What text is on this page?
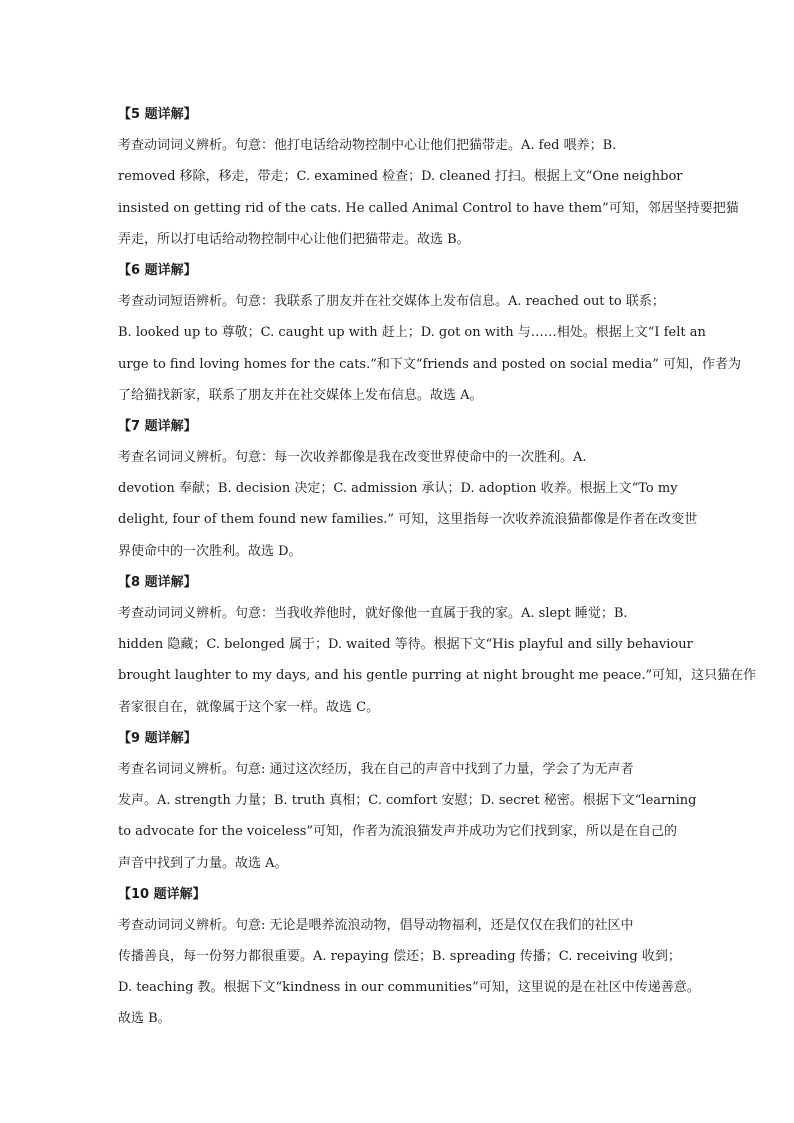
【5 题详解】
考查动词词义辨析。句意：他打电话给动物控制中心让他们把猫带走。A. fed 喂养；B.
removed 移除，移走，带走；C. examined 检查；D. cleaned 打扫。根据上文“One neighbor
insisted on getting rid of the cats. He called Animal Control to have them”可知，邻居坚持要把猫
弄走，所以打电话给动物控制中心让他们把猫带走。故选 B。
【6 题详解】
考查动词短语辨析。句意：我联系了朋友并在社交媒体上发布信息。A. reached out to 联系；
B. looked up to 尊敬；C. caught up with 赶上；D. got on with 与……相处。根据上文“I felt an
urge to find loving homes for the cats.”和下文“friends and posted on social media” 可知，作者为
了给猫找新家，联系了朋友并在社交媒体上发布信息。故选 A。
【7 题详解】
考查名词词义辨析。句意：每一次收养都像是我在改变世界使命中的一次胜利。A.
devotion 奉献；B. decision 决定；C. admission 承认；D. adoption 收养。根据上文“To my
delight, four of them found new families.” 可知，这里指每一次收养流浪猫都像是作者在改变世
界使命中的一次胜利。故选 D。
【8 题详解】
考查动词词义辨析。句意：当我收养他时，就好像他一直属于我的家。A. slept 睡觉；B.
hidden 隐藏；C. belonged 属于；D. waited 等待。根据下文“His playful and silly behaviour
brought laughter to my days, and his gentle purring at night brought me peace.”可知，这只猫在作
者家很自在，就像属于这个家一样。故选 C。
【9 题详解】
考查名词词义辨析。句意: 通过这次经历，我在自己的声音中找到了力量，学会了为无声者
发声。A. strength 力量；B. truth 真相；C. comfort 安慰；D. secret 秘密。根据下文“learning
to advocate for the voiceless”可知，作者为流浪猫发声并成功为它们找到家，所以是在自己的
声音中找到了力量。故选 A。
【10 题详解】
考查动词词义辨析。句意: 无论是喂养流浪动物，倡导动物福利，还是仅仅在我们的社区中
传播善良，每一份努力都很重要。A. repaying 偿还；B. spreading 传播；C. receiving 收到；
D. teaching 教。根据下文“kindness in our communities”可知，这里说的是在社区中传递善意。
故选 B。
